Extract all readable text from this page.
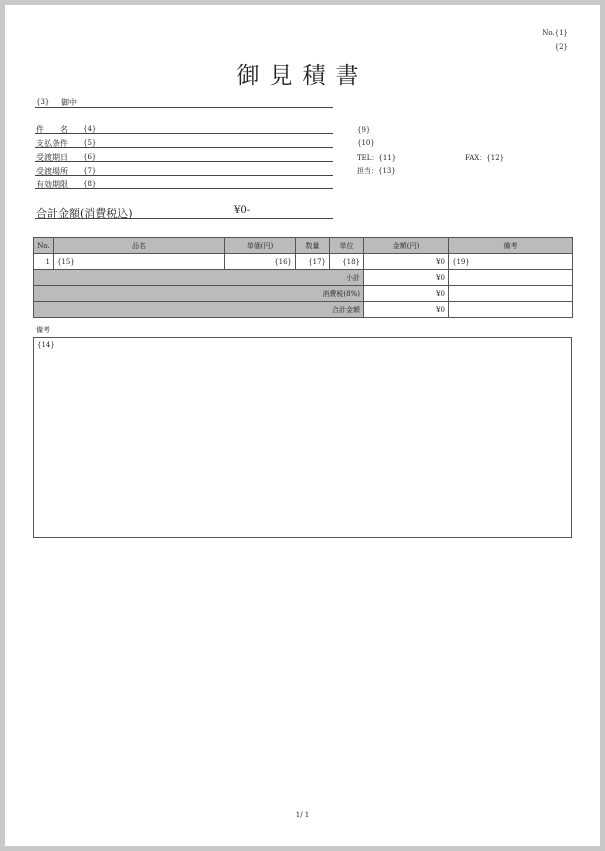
No.{1}
{2}
御見積書
{3} 御中
件　　名 {4}
支払条件 {5}
受渡期日 {6}
受渡場所 {7}
有効期限 {8}
{9}
{10}
TEL：{11}	FAX：{12}
担当：{13}
合計金額(消費税込)	¥0-
No.	品名	単価(円)	数量	単位	金額(円)	備考
1	{15}	{16}	{17}	{18}	¥0	{19}
小計					¥0	
消費税(8%)					¥0	
合計金額					¥0	
備考
{14}
1/ 1
